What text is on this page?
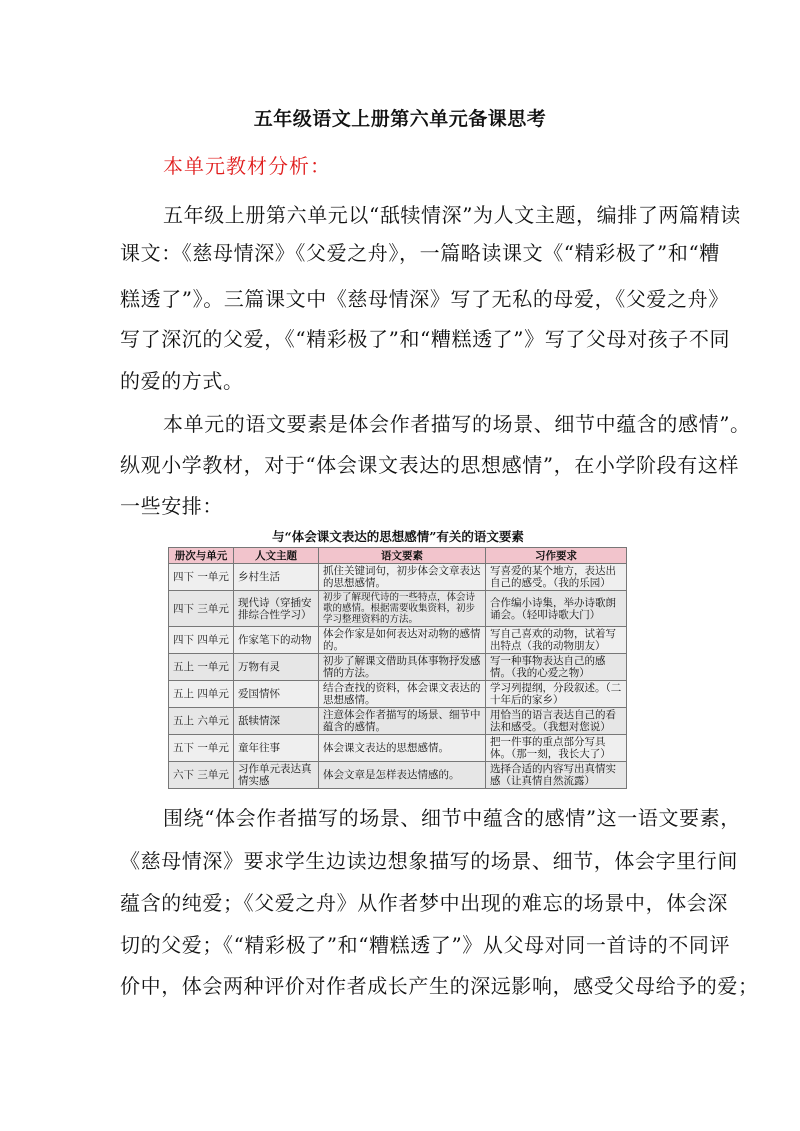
五年级语文上册第六单元备课思考
本单元教材分析：
五年级上册第六单元以“舐犊情深”为人文主题，编排了两篇精读
课文：《慈母情深》《父爱之舟》，一篇略读课文《“精彩极了”和“糟
糕透了”》。三篇课文中《慈母情深》写了无私的母爱，《父爱之舟》
写了深沉的父爱，《“精彩极了”和“糟糕透了”》写了父母对孩子不同
的爱的方式。
本单元的语文要素是体会作者描写的场景、细节中蕴含的感情”。
纵观小学教材，对于“体会课文表达的思想感情”，在小学阶段有这样
一些安排：
与“体会课文表达的思想感情”有关的语文要素
册次与单元	人文主题	语文要素	习作要求
四下 一单元	乡村生活	抓住关键词句，初步体会文章表达的思想感情。	写喜爱的某个地方，表达出自己的感受。（我的乐园）
四下 三单元	现代诗（穿插安排综合性学习）	初步了解现代诗的一些特点，体会诗歌的感情。根据需要收集资料，初步学习整理资料的方法。	合作编小诗集，举办诗歌朗诵会。（轻叩诗歌大门）
四下 四单元	作家笔下的动物	体会作家是如何表达对动物的感情的。	写自己喜欢的动物，试着写出特点（我的动物朋友）
五上 一单元	万物有灵	初步了解课文借助具体事物抒发感情的方法。	写一种事物表达自己的感情。（我的心爱之物）
五上 四单元	爱国情怀	结合查找的资料，体会课文表达的思想感情。	学习列提纲，分段叙述。（二十年后的家乡）
五上 六单元	舐犊情深	注意体会作者描写的场景、细节中蕴含的感情。	用恰当的语言表达自己的看法和感受。（我想对您说）
五下 一单元	童年往事	体会课文表达的思想感情。	把一件事的重点部分写具体。（那一刻，我长大了）
六下 三单元	习作单元表达真情实感	体会文章是怎样表达情感的。	选择合适的内容写出真情实感（让真情自然流露）
围绕“体会作者描写的场景、细节中蕴含的感情”这一语文要素，
《慈母情深》要求学生边读边想象描写的场景、细节，体会字里行间
蕴含的纯爱；《父爱之舟》从作者梦中出现的难忘的场景中，体会深
切的父爱；《“精彩极了”和“糟糕透了”》从父母对同一首诗的不同评
价中，体会两种评价对作者成长产生的深远影响，感受父母给予的爱；
